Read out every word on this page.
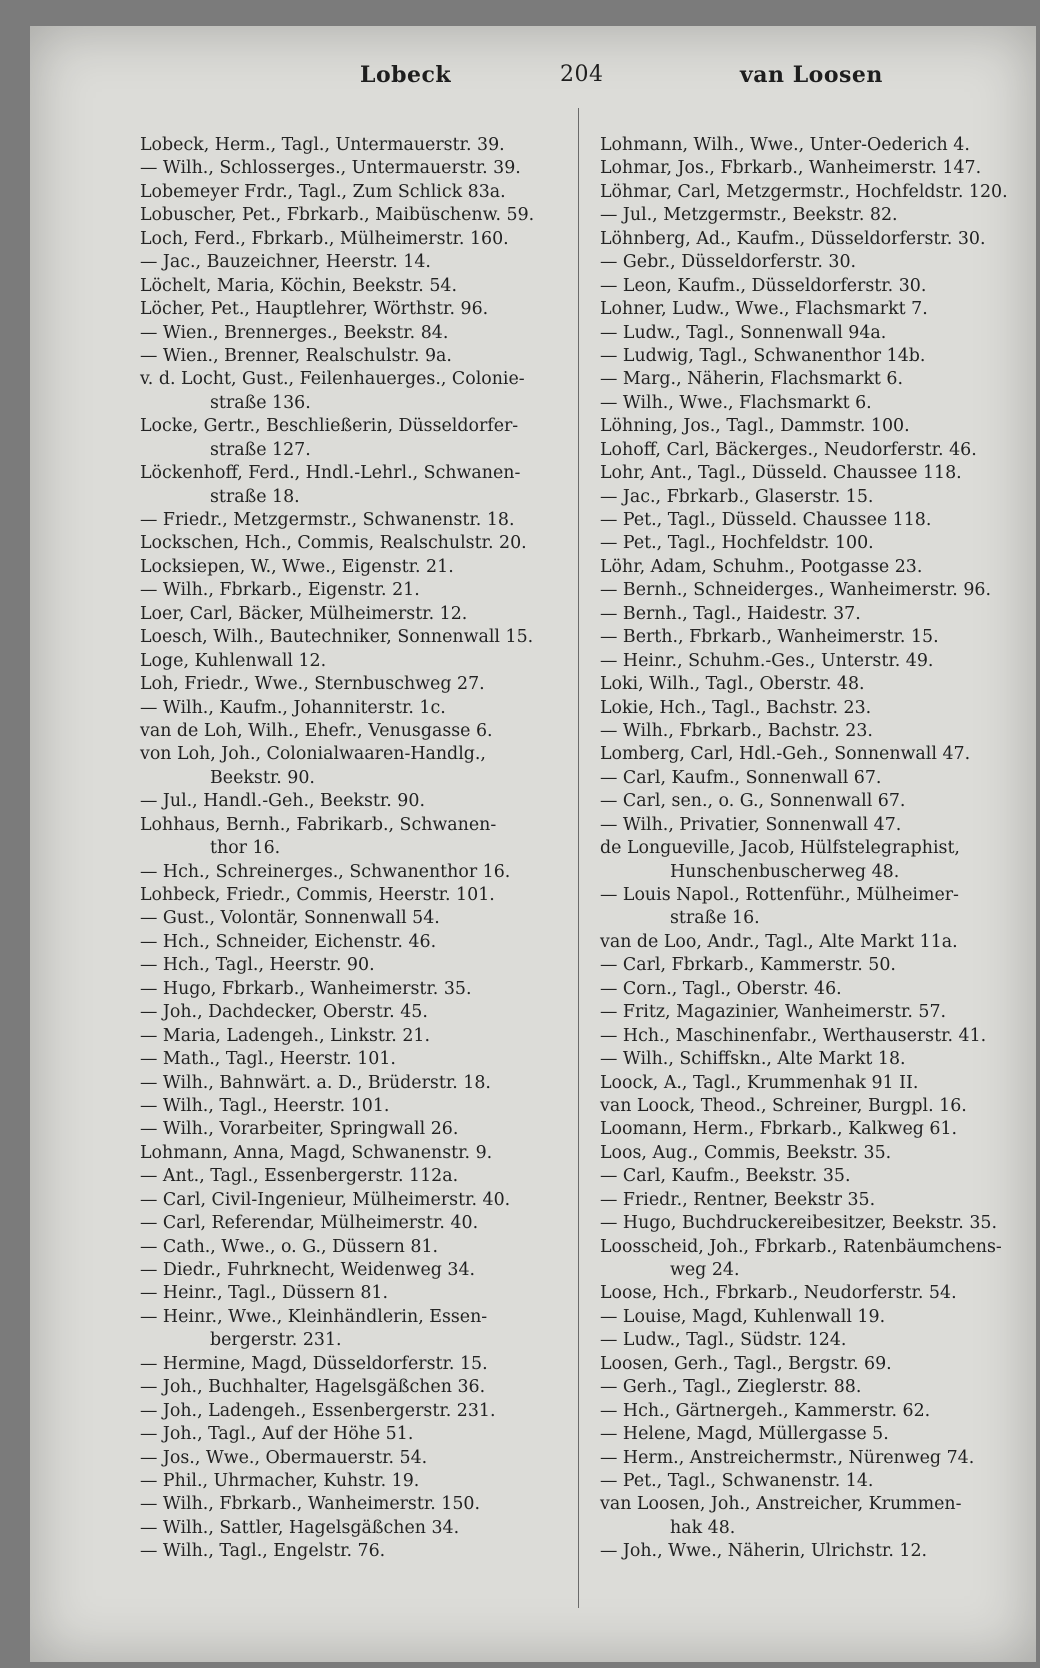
Lobeck	204	van Loosen
Lobeck, Herm., Tagl., Untermauerstr. 39.
— Wilh., Schlosserges., Untermauerstr. 39.
Lobemeyer Frdr., Tagl., Zum Schlick 83a.
Lobuscher, Pet., Fbrkarb., Maibüschenw. 59.
Loch, Ferd., Fbrkarb., Mülheimerstr. 160.
— Jac., Bauzeichner, Heerstr. 14.
Löchelt, Maria, Köchin, Beekstr. 54.
Löcher, Pet., Hauptlehrer, Wörthstr. 96.
— Wien., Brennerges., Beekstr. 84.
— Wien., Brenner, Realschulstr. 9a.
v. d. Locht, Gust., Feilenhauerges., Colonie-
straße 136.
Locke, Gertr., Beschließerin, Düsseldorfer-
straße 127.
Löckenhoff, Ferd., Hndl.-Lehrl., Schwanen-
straße 18.
— Friedr., Metzgermstr., Schwanenstr. 18.
Lockschen, Hch., Commis, Realschulstr. 20.
Locksiepen, W., Wwe., Eigenstr. 21.
— Wilh., Fbrkarb., Eigenstr. 21.
Loer, Carl, Bäcker, Mülheimerstr. 12.
Loesch, Wilh., Bautechniker, Sonnenwall 15.
Loge, Kuhlenwall 12.
Loh, Friedr., Wwe., Sternbuschweg 27.
— Wilh., Kaufm., Johanniterstr. 1c.
van de Loh, Wilh., Ehefr., Venusgasse 6.
von Loh, Joh., Colonialwaaren-Handlg.,
Beekstr. 90.
— Jul., Handl.-Geh., Beekstr. 90.
Lohhaus, Bernh., Fabrikarb., Schwanen-
thor 16.
— Hch., Schreinerges., Schwanenthor 16.
Lohbeck, Friedr., Commis, Heerstr. 101.
— Gust., Volontär, Sonnenwall 54.
— Hch., Schneider, Eichenstr. 46.
— Hch., Tagl., Heerstr. 90.
— Hugo, Fbrkarb., Wanheimerstr. 35.
— Joh., Dachdecker, Oberstr. 45.
— Maria, Ladengeh., Linkstr. 21.
— Math., Tagl., Heerstr. 101.
— Wilh., Bahnwärt. a. D., Brüderstr. 18.
— Wilh., Tagl., Heerstr. 101.
— Wilh., Vorarbeiter, Springwall 26.
Lohmann, Anna, Magd, Schwanenstr. 9.
— Ant., Tagl., Essenbergerstr. 112a.
— Carl, Civil-Ingenieur, Mülheimerstr. 40.
— Carl, Referendar, Mülheimerstr. 40.
— Cath., Wwe., o. G., Düssern 81.
— Diedr., Fuhrknecht, Weidenweg 34.
— Heinr., Tagl., Düssern 81.
— Heinr., Wwe., Kleinhändlerin, Essen-
bergerstr. 231.
— Hermine, Magd, Düsseldorferstr. 15.
— Joh., Buchhalter, Hagelsgäßchen 36.
— Joh., Ladengeh., Essenbergerstr. 231.
— Joh., Tagl., Auf der Höhe 51.
— Jos., Wwe., Obermauerstr. 54.
— Phil., Uhrmacher, Kuhstr. 19.
— Wilh., Fbrkarb., Wanheimerstr. 150.
— Wilh., Sattler, Hagelsgäßchen 34.
— Wilh., Tagl., Engelstr. 76.
Lohmann, Wilh., Wwe., Unter-Oederich 4.
Lohmar, Jos., Fbrkarb., Wanheimerstr. 147.
Löhmar, Carl, Metzgermstr., Hochfeldstr. 120.
— Jul., Metzgermstr., Beekstr. 82.
Löhnberg, Ad., Kaufm., Düsseldorferstr. 30.
— Gebr., Düsseldorferstr. 30.
— Leon, Kaufm., Düsseldorferstr. 30.
Lohner, Ludw., Wwe., Flachsmarkt 7.
— Ludw., Tagl., Sonnenwall 94a.
— Ludwig, Tagl., Schwanenthor 14b.
— Marg., Näherin, Flachsmarkt 6.
— Wilh., Wwe., Flachsmarkt 6.
Löhning, Jos., Tagl., Dammstr. 100.
Lohoff, Carl, Bäckerges., Neudorferstr. 46.
Lohr, Ant., Tagl., Düsseld. Chaussee 118.
— Jac., Fbrkarb., Glaserstr. 15.
— Pet., Tagl., Düsseld. Chaussee 118.
— Pet., Tagl., Hochfeldstr. 100.
Löhr, Adam, Schuhm., Pootgasse 23.
— Bernh., Schneiderges., Wanheimerstr. 96.
— Bernh., Tagl., Haidestr. 37.
— Berth., Fbrkarb., Wanheimerstr. 15.
— Heinr., Schuhm.-Ges., Unterstr. 49.
Loki, Wilh., Tagl., Oberstr. 48.
Lokie, Hch., Tagl., Bachstr. 23.
— Wilh., Fbrkarb., Bachstr. 23.
Lomberg, Carl, Hdl.-Geh., Sonnenwall 47.
— Carl, Kaufm., Sonnenwall 67.
— Carl, sen., o. G., Sonnenwall 67.
— Wilh., Privatier, Sonnenwall 47.
de Longueville, Jacob, Hülfstelegraphist,
Hunschenbuscherweg 48.
— Louis Napol., Rottenführ., Mülheimer-
straße 16.
van de Loo, Andr., Tagl., Alte Markt 11a.
— Carl, Fbrkarb., Kammerstr. 50.
— Corn., Tagl., Oberstr. 46.
— Fritz, Magazinier, Wanheimerstr. 57.
— Hch., Maschinenfabr., Werthauserstr. 41.
— Wilh., Schiffskn., Alte Markt 18.
Loock, A., Tagl., Krummenhak 91 II.
van Loock, Theod., Schreiner, Burgpl. 16.
Loomann, Herm., Fbrkarb., Kalkweg 61.
Loos, Aug., Commis, Beekstr. 35.
— Carl, Kaufm., Beekstr. 35.
— Friedr., Rentner, Beekstr 35.
— Hugo, Buchdruckereibesitzer, Beekstr. 35.
Loosscheid, Joh., Fbrkarb., Ratenbäumchens-
weg 24.
Loose, Hch., Fbrkarb., Neudorferstr. 54.
— Louise, Magd, Kuhlenwall 19.
— Ludw., Tagl., Südstr. 124.
Loosen, Gerh., Tagl., Bergstr. 69.
— Gerh., Tagl., Zieglerstr. 88.
— Hch., Gärtnergeh., Kammerstr. 62.
— Helene, Magd, Müllergasse 5.
— Herm., Anstreichermstr., Nürenweg 74.
— Pet., Tagl., Schwanenstr. 14.
van Loosen, Joh., Anstreicher, Krummen-
hak 48.
— Joh., Wwe., Näherin, Ulrichstr. 12.
